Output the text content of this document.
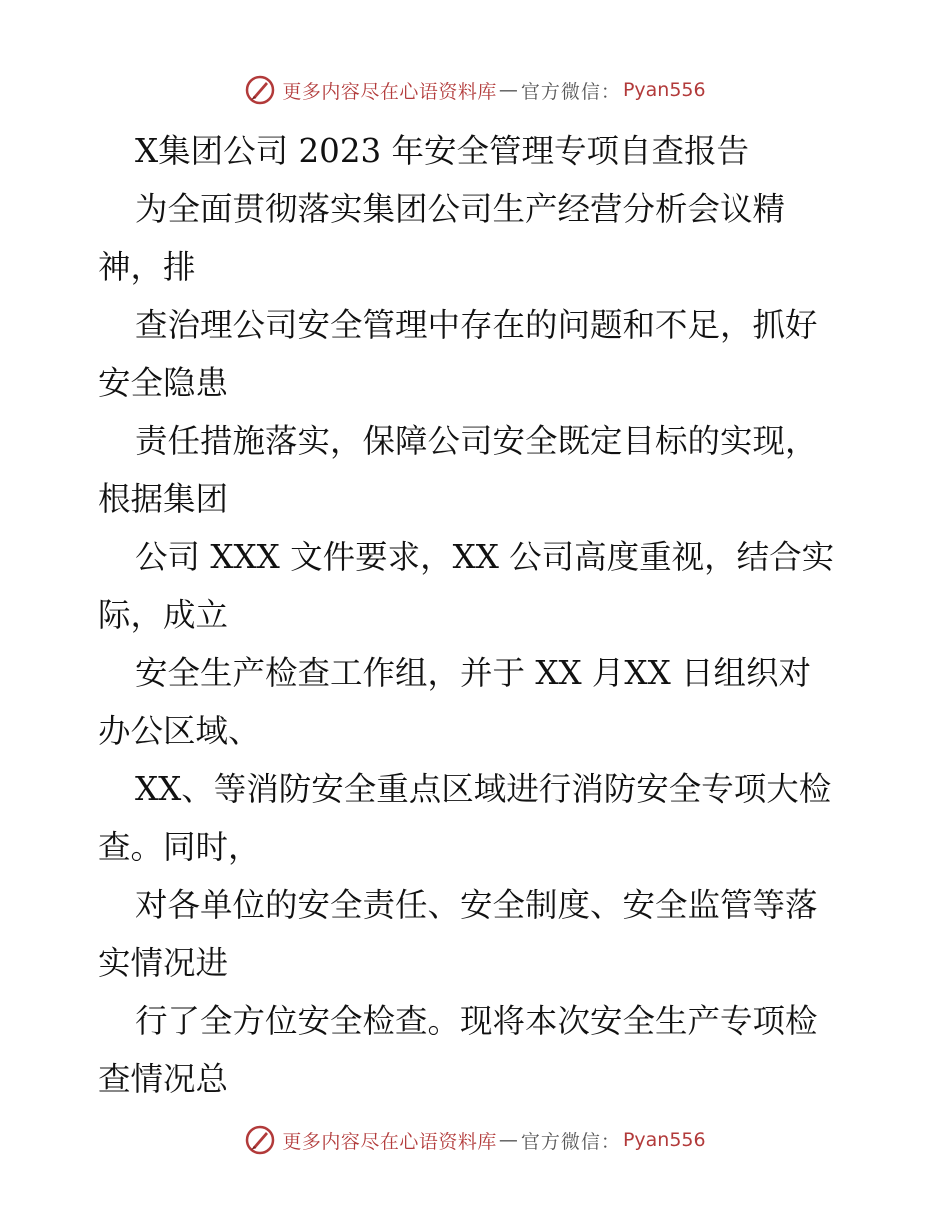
更多内容尽在心语资料库 — 官方微信： Pyan556
X集团公司 2023 年安全管理专项自查报告
为全面贯彻落实集团公司生产经营分析会议精
神，排
查治理公司安全管理中存在的问题和不足，抓好
安全隐患
责任措施落实，保障公司安全既定目标的实现，
根据集团
公司 XXX 文件要求，XX 公司高度重视，结合实
际，成立
安全生产检查工作组，并于 XX 月XX 日组织对
办公区域、
XX、等消防安全重点区域进行消防安全专项大检
查。同时，
对各单位的安全责任、安全制度、安全监管等落
实情况进
行了全方位安全检查。现将本次安全生产专项检
查情况总
更多内容尽在心语资料库 — 官方微信： Pyan556
